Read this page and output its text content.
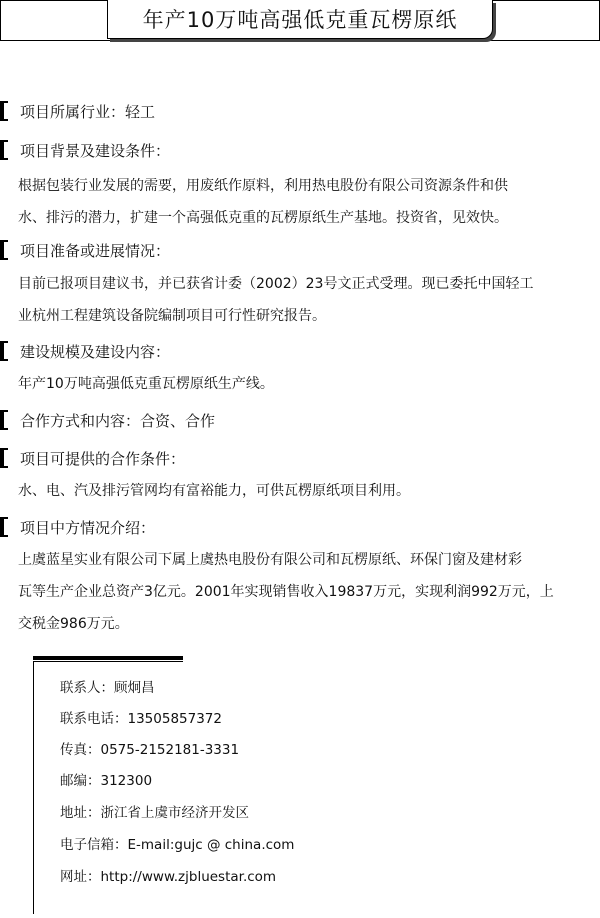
年产10万吨高强低克重瓦楞原纸
项目所属行业：轻工
项目背景及建设条件：

根据包装行业发展的需要，用废纸作原料，利用热电股份有限公司资源条件和供
水、排污的潜力，扩建一个高强低克重的瓦楞原纸生产基地。投资省，见效快。

项目准备或进展情况：

目前已报项目建议书，并已获省计委（2002）23号文正式受理。现已委托中国轻工
业杭州工程建筑设备院编制项目可行性研究报告。

建设规模及建设内容：

年产10万吨高强低克重瓦楞原纸生产线。

合作方式和内容：合资、合作
项目可提供的合作条件：

水、电、汽及排污管网均有富裕能力，可供瓦楞原纸项目利用。

项目中方情况介绍：

上虞蓝星实业有限公司下属上虞热电股份有限公司和瓦楞原纸、环保门窗及建材彩
瓦等生产企业总资产3亿元。2001年实现销售收入19837万元，实现利润992万元，上
交税金986万元。

联系人：顾炯昌
联系电话：13505857372
传真：0575-2152181-3331
邮编：312300
地址：浙江省上虞市经济开发区
电子信箱：E-mail:gujc @ china.com
网址：http://www.zjbluestar.com
